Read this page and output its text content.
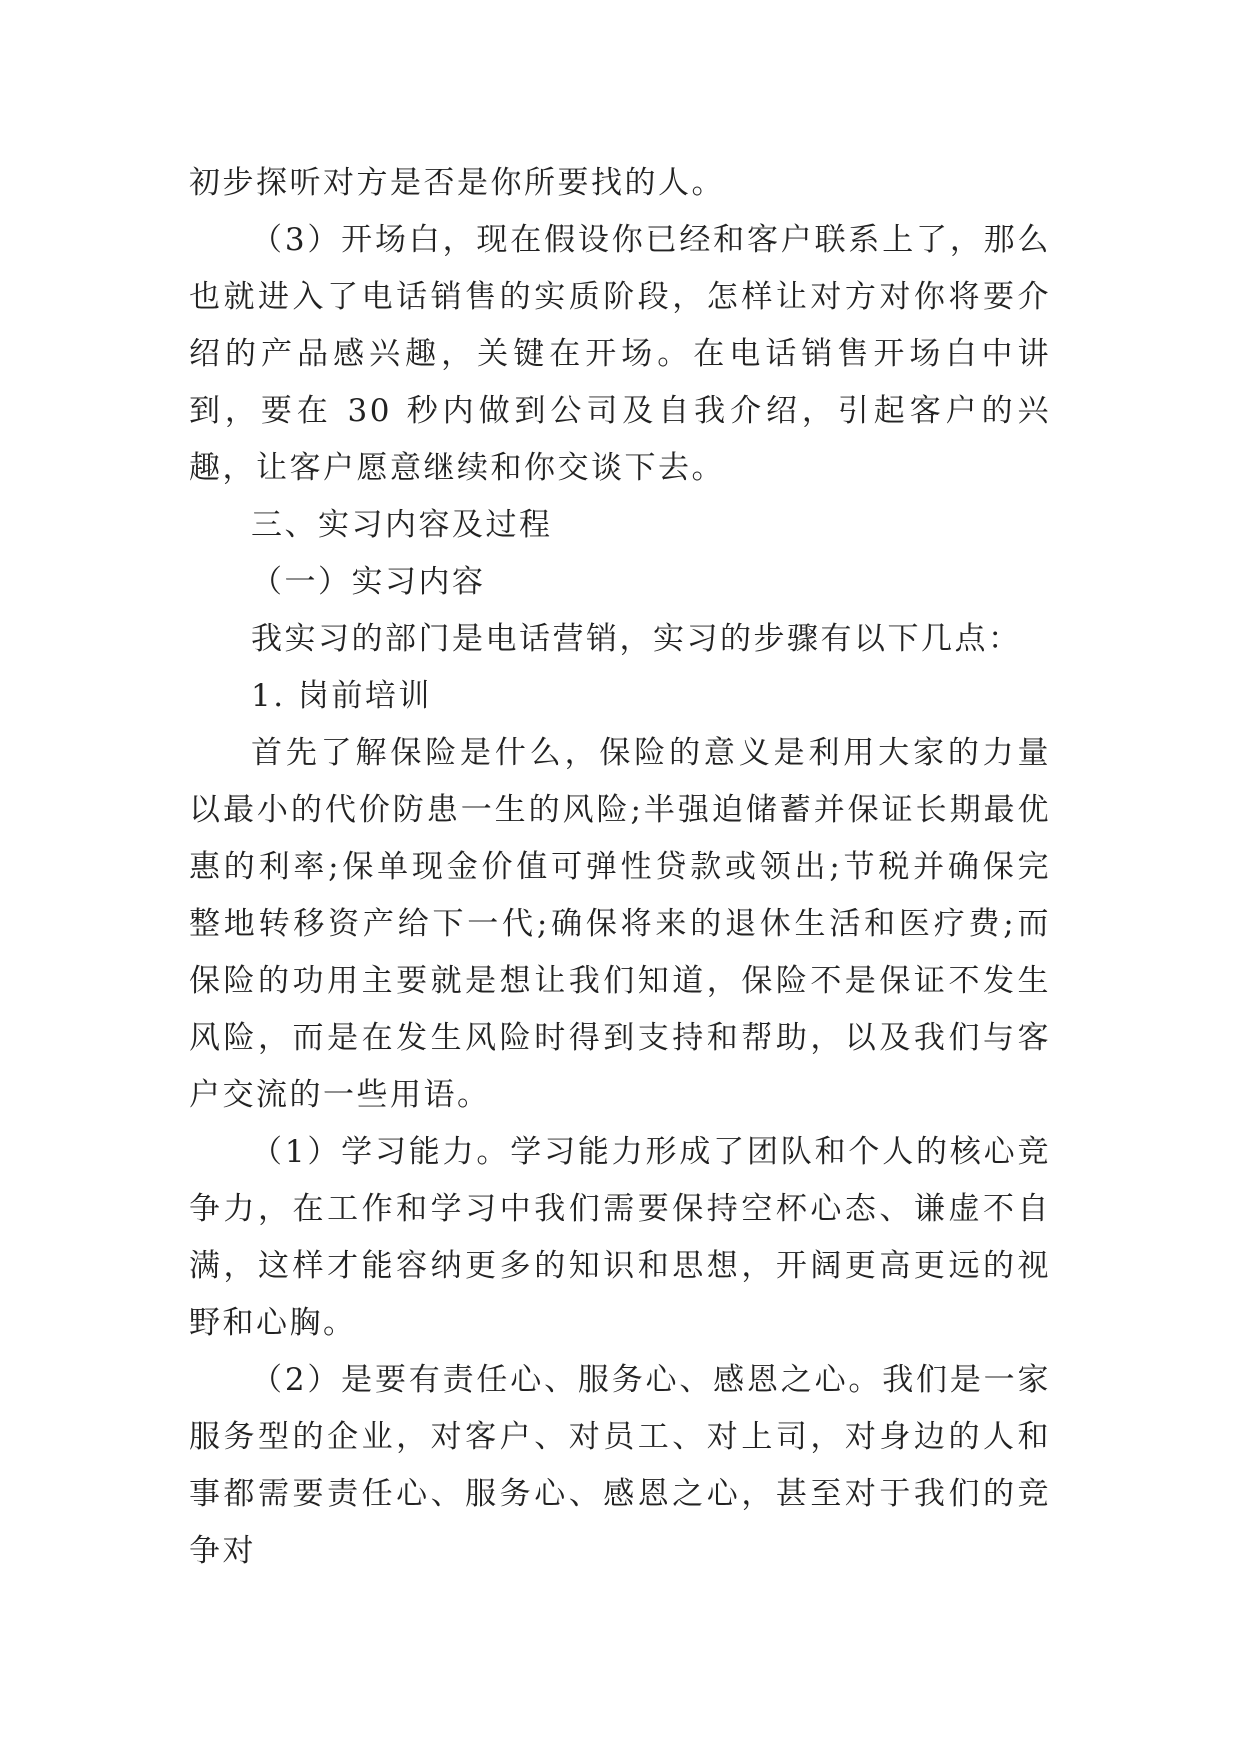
初步探听对方是否是你所要找的人。

（3）开场白，现在假设你已经和客户联系上了，那么也就进入了电话销售的实质阶段，怎样让对方对你将要介绍的产品感兴趣，关键在开场。在电话销售开场白中讲到，要在 30 秒内做到公司及自我介绍，引起客户的兴趣，让客户愿意继续和你交谈下去。

三、实习内容及过程

（一）实习内容

我实习的部门是电话营销，实习的步骤有以下几点：

1. 岗前培训

首先了解保险是什么，保险的意义是利用大家的力量以最小的代价防患一生的风险;半强迫储蓄并保证长期最优惠的利率;保单现金价值可弹性贷款或领出;节税并确保完整地转移资产给下一代;确保将来的退休生活和医疗费;而保险的功用主要就是想让我们知道，保险不是保证不发生风险，而是在发生风险时得到支持和帮助，以及我们与客户交流的一些用语。

（1）学习能力。学习能力形成了团队和个人的核心竞争力，在工作和学习中我们需要保持空杯心态、谦虚不自满，这样才能容纳更多的知识和思想，开阔更高更远的视野和心胸。

（2）是要有责任心、服务心、感恩之心。我们是一家服务型的企业，对客户、对员工、对上司，对身边的人和事都需要责任心、服务心、感恩之心，甚至对于我们的竞争对
